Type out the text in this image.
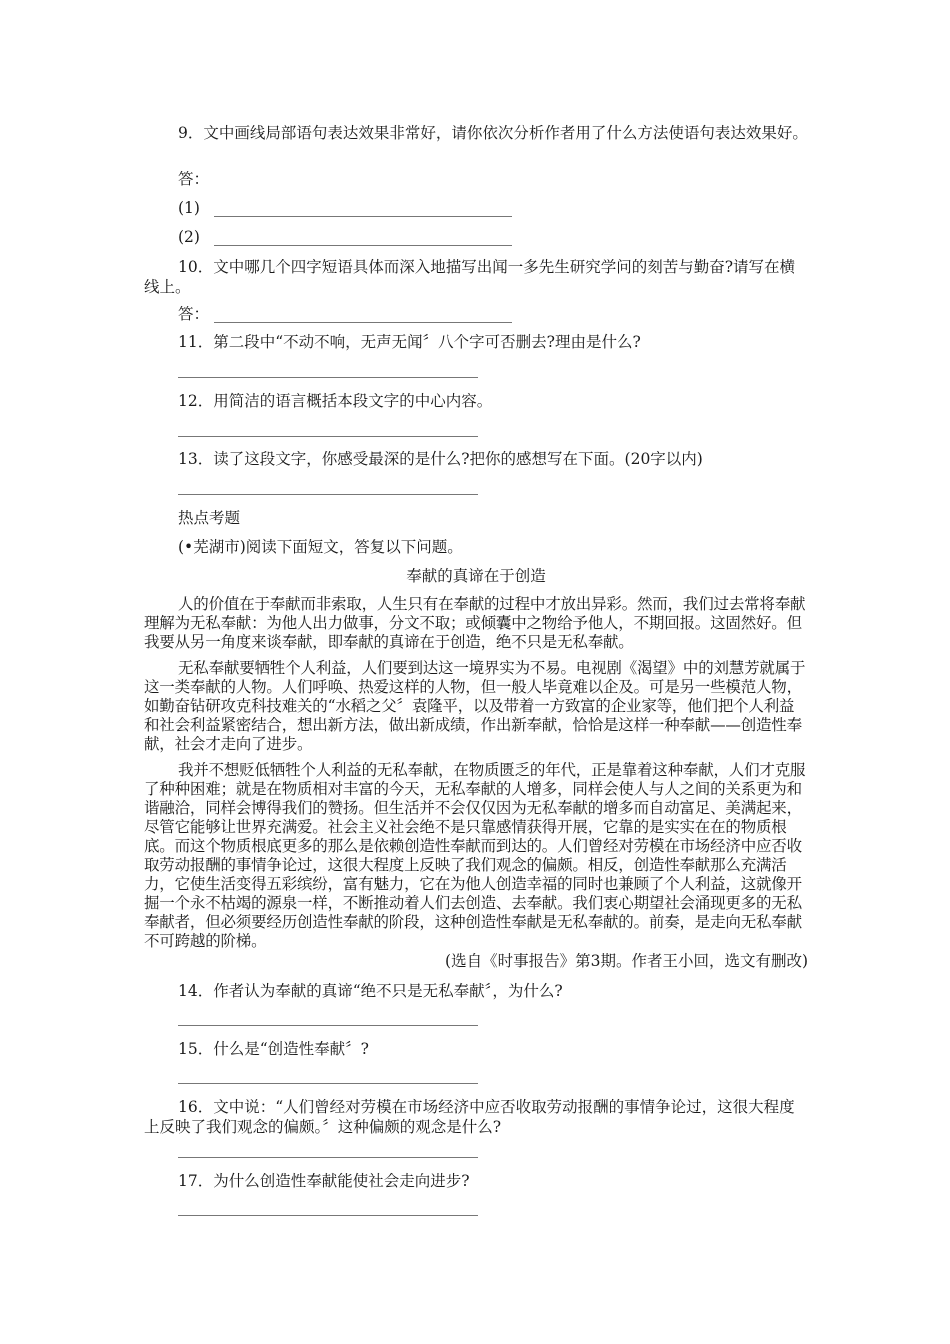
9．文中画线局部语句表达效果非常好，请你依次分析作者用了什么方法使语句表达效果好。
答：
(1)
(2)
10．文中哪几个四字短语具体而深入地描写出闻一多先生研究学问的刻苦与勤奋?请写在横线上。
答：
11．第二段中“不动不响，无声无闻〞八个字可否删去?理由是什么?
12．用简洁的语言概括本段文字的中心内容。
13．读了这段文字，你感受最深的是什么?把你的感想写在下面。(20字以内)
热点考题
(•芜湖市)阅读下面短文，答复以下问题。
奉献的真谛在于创造
人的价值在于奉献而非索取，人生只有在奉献的过程中才放出异彩。然而，我们过去常将奉献理解为无私奉献：为他人出力做事，分文不取；或倾囊中之物给予他人，不期回报。这固然好。但我要从另一角度来谈奉献，即奉献的真谛在于创造，绝不只是无私奉献。
无私奉献要牺牲个人利益，人们要到达这一境界实为不易。电视剧《渴望》中的刘慧芳就属于这一类奉献的人物。人们呼唤、热爱这样的人物，但一般人毕竟难以企及。可是另一些模范人物，如勤奋钻研攻克科技难关的“水稻之父〞袁隆平，以及带着一方致富的企业家等，他们把个人利益和社会利益紧密结合，想出新方法，做出新成绩，作出新奉献，恰恰是这样一种奉献——创造性奉献，社会才走向了进步。
我并不想贬低牺牲个人利益的无私奉献，在物质匮乏的年代，正是靠着这种奉献，人们才克服了种种困难；就是在物质相对丰富的今天，无私奉献的人增多，同样会使人与人之间的关系更为和谐融洽，同样会博得我们的赞扬。但生活并不会仅仅因为无私奉献的增多而自动富足、美满起来，尽管它能够让世界充满爱。社会主义社会绝不是只靠感情获得开展，它靠的是实实在在的物质根底。而这个物质根底更多的那么是依赖创造性奉献而到达的。人们曾经对劳模在市场经济中应否收取劳动报酬的事情争论过，这很大程度上反映了我们观念的偏颇。相反，创造性奉献那么充满活力，它使生活变得五彩缤纷，富有魅力，它在为他人创造幸福的同时也兼顾了个人利益，这就像开掘一个永不枯竭的源泉一样，不断推动着人们去创造、去奉献。我们衷心期望社会涌现更多的无私奉献者，但必须要经历创造性奉献的阶段，这种创造性奉献是无私奉献的。前奏，是走向无私奉献不可跨越的阶梯。
(选自《时事报告》第3期。作者王小回，选文有删改)
14．作者认为奉献的真谛“绝不只是无私奉献〞，为什么?
15．什么是“创造性奉献〞?
16．文中说：“人们曾经对劳模在市场经济中应否收取劳动报酬的事情争论过，这很大程度上反映了我们观念的偏颇。〞这种偏颇的观念是什么?
17．为什么创造性奉献能使社会走向进步?
